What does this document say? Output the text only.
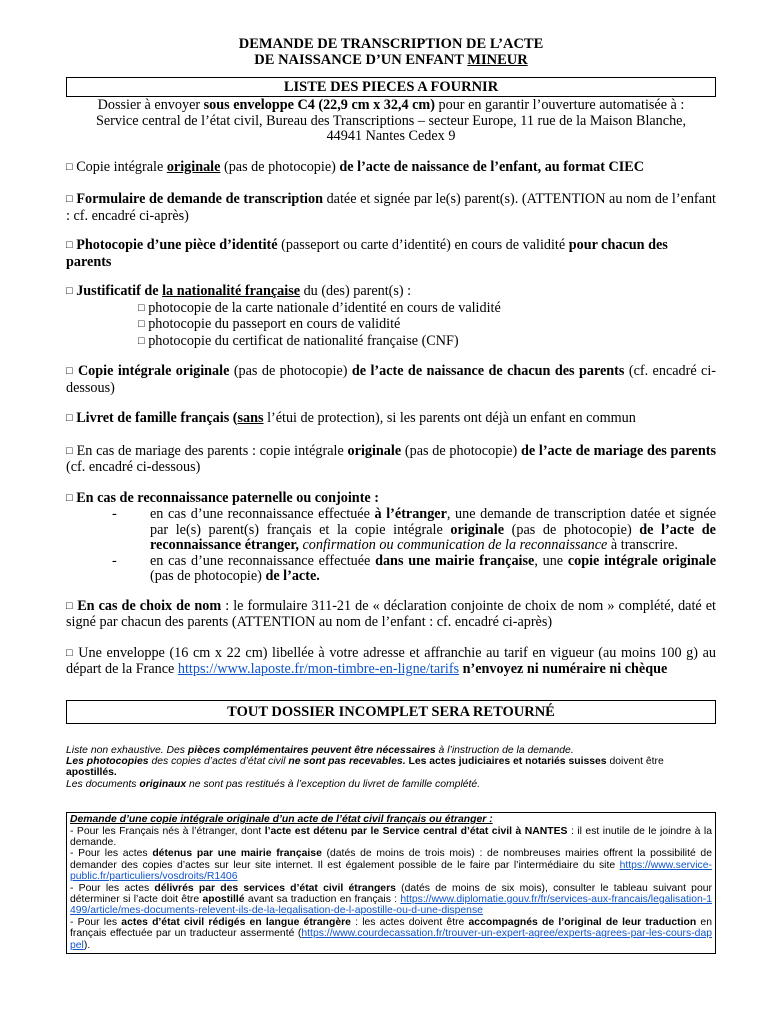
DEMANDE DE TRANSCRIPTION DE L’ACTE
DE NAISSANCE D’UN ENFANT MINEUR
LISTE DES PIECES A FOURNIR
Dossier à envoyer sous enveloppe C4 (22,9 cm x 32,4 cm) pour en garantir l’ouverture automatisée à :
Service central de l’état civil, Bureau des Transcriptions – secteur Europe, 11 rue de la Maison Blanche,
44941 Nantes Cedex 9
□ Copie intégrale originale (pas de photocopie) de l’acte de naissance de l’enfant, au format CIEC
□ Formulaire de demande de transcription datée et signée par le(s) parent(s). (ATTENTION au nom de l’enfant : cf. encadré ci-après)
□ Photocopie d’une pièce d’identité (passeport ou carte d’identité) en cours de validité pour chacun des parents
□ Justificatif de la nationalité française du (des) parent(s) :
□ photocopie de la carte nationale d’identité en cours de validité
□ photocopie du passeport en cours de validité
□ photocopie du certificat de nationalité française (CNF)
□ Copie intégrale originale (pas de photocopie) de l’acte de naissance de chacun des parents (cf. encadré ci-dessous)
□ Livret de famille français (sans l’étui de protection), si les parents ont déjà un enfant en commun
□ En cas de mariage des parents : copie intégrale originale (pas de photocopie) de l’acte de mariage des parents (cf. encadré ci-dessous)
□ En cas de reconnaissance paternelle ou conjointe :
-	en cas d’une reconnaissance effectuée à l’étranger, une demande de transcription datée et signée par le(s) parent(s) français et la copie intégrale originale (pas de photocopie) de l’acte de reconnaissance étranger, confirmation ou communication de la reconnaissance à transcrire.
-	en cas d’une reconnaissance effectuée dans une mairie française, une copie intégrale originale (pas de photocopie) de l’acte.
□ En cas de choix de nom : le formulaire 311-21 de « déclaration conjointe de choix de nom » complété, daté et signé par chacun des parents (ATTENTION au nom de l’enfant : cf. encadré ci-après)
□ Une enveloppe (16 cm x 22 cm) libellée à votre adresse et affranchie au tarif en vigueur (au moins 100 g) au départ de la France https://www.laposte.fr/mon-timbre-en-ligne/tarifs n’envoyez ni numéraire ni chèque
TOUT DOSSIER INCOMPLET SERA RETOURNÉ
Liste non exhaustive. Des pièces complémentaires peuvent être nécessaires à l’instruction de la demande.
Les photocopies des copies d’actes d’état civil ne sont pas recevables. Les actes judiciaires et notariés suisses doivent être apostillés.
Les documents originaux ne sont pas restitués à l’exception du livret de famille complété.
Demande d’une copie intégrale originale d’un acte de l’état civil français ou étranger :
- Pour les Français nés à l’étranger, dont l’acte est détenu par le Service central d’état civil à NANTES : il est inutile de le joindre à la demande.
- Pour les actes détenus par une mairie française (datés de moins de trois mois) : de nombreuses mairies offrent la possibilité de demander des copies d’actes sur leur site internet. Il est également possible de le faire par l’intermédiaire du site https://www.service-public.fr/particuliers/vosdroits/R1406
- Pour les actes délivrés par des services d’état civil étrangers (datés de moins de six mois), consulter le tableau suivant pour déterminer si l’acte doit être apostillé avant sa traduction en français : https://www.diplomatie.gouv.fr/fr/services-aux-francais/legalisation-1499/article/mes-documents-relevent-ils-de-la-legalisation-de-l-apostille-ou-d-une-dispense
- Pour les actes d’état civil rédigés en langue étrangère : les actes doivent être accompagnés de l’original de leur traduction en français effectuée par un traducteur assermenté (https://www.courdecassation.fr/trouver-un-expert-agree/experts-agrees-par-les-cours-dappel).
